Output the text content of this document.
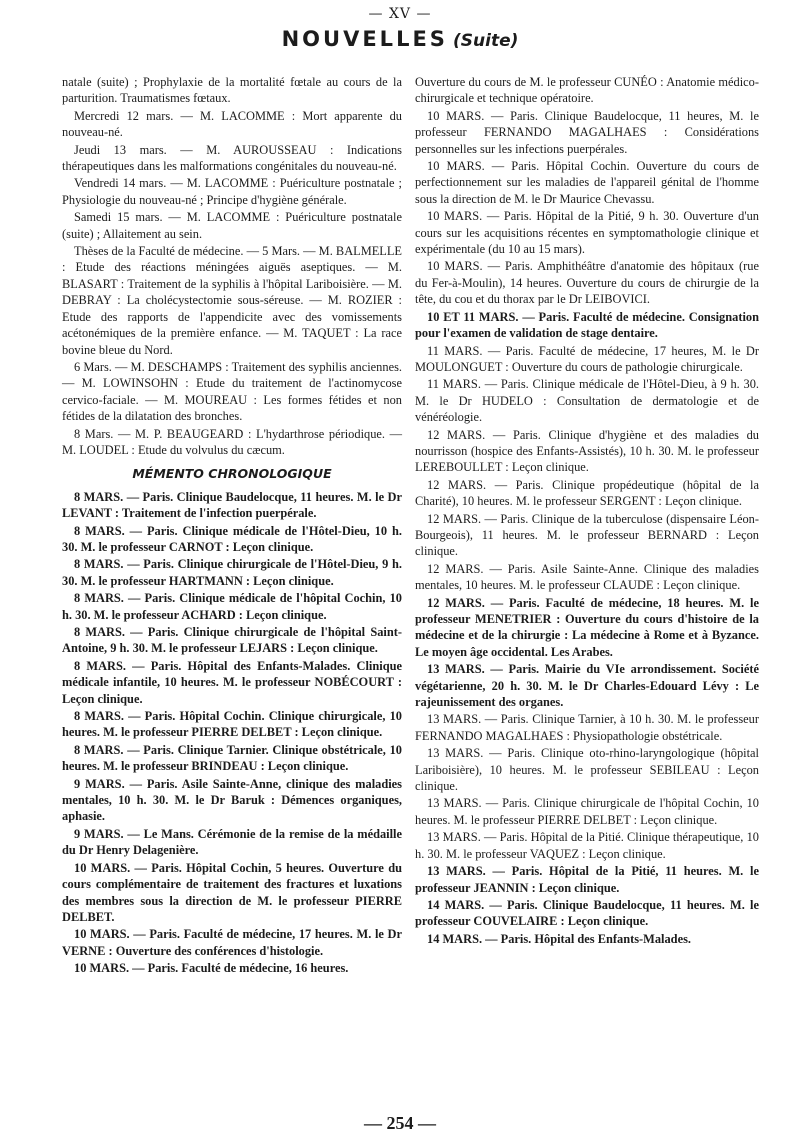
— XV —
NOUVELLES (Suite)

natale (suite) ; Prophylaxie de la mortalité fœtale au cours de la parturition. Traumatismes fœtaux.

Mercredi 12 mars. — M. LACOMME : Mort apparente du nouveau-né.

Jeudi 13 mars. — M. AUROUSSEAU : Indications thérapeutiques dans les malformations congénitales du nouveau-né.

Vendredi 14 mars. — M. LACOMME : Puériculture postnatale ; Physiologie du nouveau-né ; Principe d'hygiène générale.

Samedi 15 mars. — M. LACOMME : Puériculture postnatale (suite) ; Allaitement au sein.

Thèses de la Faculté de médecine. — 5 Mars. — M. BALMELLE : Etude des réactions méningées aiguës aseptiques. — M. BLASART : Traitement de la syphilis à l'hôpital Lariboisière. — M. DEBRAY : La cholécystectomie sous-séreuse. — M. ROZIER : Etude des rapports de l'appendicite avec des vomissements acétonémiques de la première enfance. — M. TAQUET : La race bovine bleue du Nord.

6 Mars. — M. DESCHAMPS : Traitement des syphilis anciennes. — M. LOWINSOHN : Etude du traitement de l'actinomycose cervico-faciale. — M. MOUREAU : Les formes fétides et non fétides de la dilatation des bronches.

8 Mars. — M. P. BEAUGEARD : L'hydarthrose périodique. — M. LOUDEL : Etude du volvulus du cæcum.

MÉMENTO CHRONOLOGIQUE

8 MARS. — Paris. Clinique Baudelocque, 11 heures. M. le Dr LEVANT : Traitement de l'infection puerpérale.

8 MARS. — Paris. Clinique médicale de l'Hôtel-Dieu, 10 h. 30. M. le professeur CARNOT : Leçon clinique.

8 MARS. — Paris. Clinique chirurgicale de l'Hôtel-Dieu, 9 h. 30. M. le professeur HARTMANN : Leçon clinique.

8 MARS. — Paris. Clinique médicale de l'hôpital Cochin, 10 h. 30. M. le professeur ACHARD : Leçon clinique.

8 MARS. — Paris. Clinique chirurgicale de l'hôpital Saint-Antoine, 9 h. 30. M. le professeur LEJARS : Leçon clinique.

8 MARS. — Paris. Hôpital des Enfants-Malades. Clinique médicale infantile, 10 heures. M. le professeur NOBÉCOURT : Leçon clinique.

8 MARS. — Paris. Hôpital Cochin. Clinique chirurgicale, 10 heures. M. le professeur PIERRE DELBET : Leçon clinique.

8 MARS. — Paris. Clinique Tarnier. Clinique obstétricale, 10 heures. M. le professeur BRINDEAU : Leçon clinique.

9 MARS. — Paris. Asile Sainte-Anne, clinique des maladies mentales, 10 h. 30. M. le Dr Baruk : Démences organiques, aphasie.

9 MARS. — Le Mans. Cérémonie de la remise de la médaille du Dr Henry Delagenière.

10 MARS. — Paris. Hôpital Cochin, 5 heures. Ouverture du cours complémentaire de traitement des fractures et luxations des membres sous la direction de M. le professeur PIERRE DELBET.

10 MARS. — Paris. Faculté de médecine, 17 heures. M. le Dr VERNE : Ouverture des conférences d'histologie.

10 MARS. — Paris. Faculté de médecine, 16 heures.

Ouverture du cours de M. le professeur CUNÉO : Anatomie médico-chirurgicale et technique opératoire.

10 MARS. — Paris. Clinique Baudelocque, 11 heures, M. le professeur FERNANDO MAGALHAES : Considérations personnelles sur les infections puerpérales.

10 MARS. — Paris. Hôpital Cochin. Ouverture du cours de perfectionnement sur les maladies de l'appareil génital de l'homme sous la direction de M. le Dr Maurice Chevassu.

10 MARS. — Paris. Hôpital de la Pitié, 9 h. 30. Ouverture d'un cours sur les acquisitions récentes en symptomathologie clinique et expérimentale (du 10 au 15 mars).

10 MARS. — Paris. Amphithéâtre d'anatomie des hôpitaux (rue du Fer-à-Moulin), 14 heures. Ouverture du cours de chirurgie de la tête, du cou et du thorax par le Dr LEIBOVICI.

10 ET 11 MARS. — Paris. Faculté de médecine. Consignation pour l'examen de validation de stage dentaire.

11 MARS. — Paris. Faculté de médecine, 17 heures, M. le Dr MOULONGUET : Ouverture du cours de pathologie chirurgicale.

11 MARS. — Paris. Clinique médicale de l'Hôtel-Dieu, à 9 h. 30. M. le Dr HUDELO : Consultation de dermatologie et de vénéréologie.

12 MARS. — Paris. Clinique d'hygiène et des maladies du nourrisson (hospice des Enfants-Assistés), 10 h. 30. M. le professeur LEREBOULLET : Leçon clinique.

12 MARS. — Paris. Clinique propédeutique (hôpital de la Charité), 10 heures. M. le professeur SERGENT : Leçon clinique.

12 MARS. — Paris. Clinique de la tuberculose (dispensaire Léon-Bourgeois), 11 heures. M. le professeur BERNARD : Leçon clinique.

12 MARS. — Paris. Asile Sainte-Anne. Clinique des maladies mentales, 10 heures. M. le professeur CLAUDE : Leçon clinique.

12 MARS. — Paris. Faculté de médecine, 18 heures. M. le professeur MENETRIER : Ouverture du cours d'histoire de la médecine et de la chirurgie : La médecine à Rome et à Byzance. Le moyen âge occidental. Les Arabes.

13 MARS. — Paris. Mairie du VIe arrondissement. Société végétarienne, 20 h. 30. M. le Dr Charles-Edouard Lévy : Le rajeunissement des organes.

13 MARS. — Paris. Clinique Tarnier, à 10 h. 30. M. le professeur FERNANDO MAGALHAES : Physiopathologie obstétricale.

13 MARS. — Paris. Clinique oto-rhino-laryngologique (hôpital Lariboisière), 10 heures. M. le professeur SEBILEAU : Leçon clinique.

13 MARS. — Paris. Clinique chirurgicale de l'hôpital Cochin, 10 heures. M. le professeur PIERRE DELBET : Leçon clinique.

13 MARS. — Paris. Hôpital de la Pitié. Clinique thérapeutique, 10 h. 30. M. le professeur VAQUEZ : Leçon clinique.

13 MARS. — Paris. Hôpital de la Pitié, 11 heures. M. le professeur JEANNIN : Leçon clinique.

14 MARS. — Paris. Clinique Baudelocque, 11 heures. M. le professeur COUVELAIRE : Leçon clinique.

14 MARS. — Paris. Hôpital des Enfants-Malades.

— 254 —
